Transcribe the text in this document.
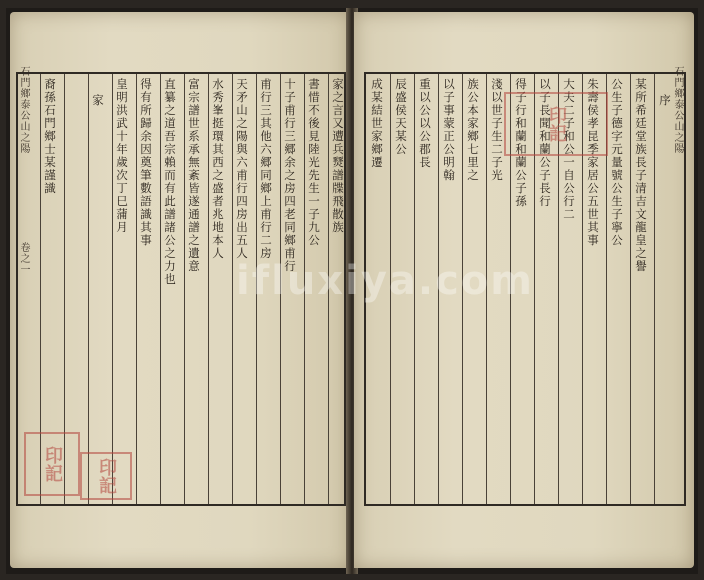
石門鄉泰公山之陽
卷之一
裔孫石門鄉士某謹識	家 皇明洪武十年歲次丁巳蒲月 得有所歸余因奠筆數語識其事 直纂之道吾宗賴而有此譜諸公之力也 富宗譜世系承無紊皆遂通譜之遺意 水秀峯挺環其西之盛者兆地本人 天矛山之陽與六甫行四房出五人 甫行三其他六郷同鄉上甫行二房 十子甫行三郷余之房四老同鄉甫行 書惜不後見陸光先生一子九公 家之言又遭兵燹譜牒飛散族
印記	印記
石門鄉泰公山之陽
成某結世家鄉遷 辰盛侯天某公 重以公以公郡長 以子事蒙正公明翰 族公本家鄉七里之 淺以世子生二子光 得子行和蘭和蘭公子孫 以子長聞和蘭公子長行 大夫二子和公一自公行二 朱壽侯孝昆季家居公五世其事 公生子德字元量號公生子寧公 某所希廷堂族長子清吉文龍皇之譽 序
印記
ifluxiya.com
